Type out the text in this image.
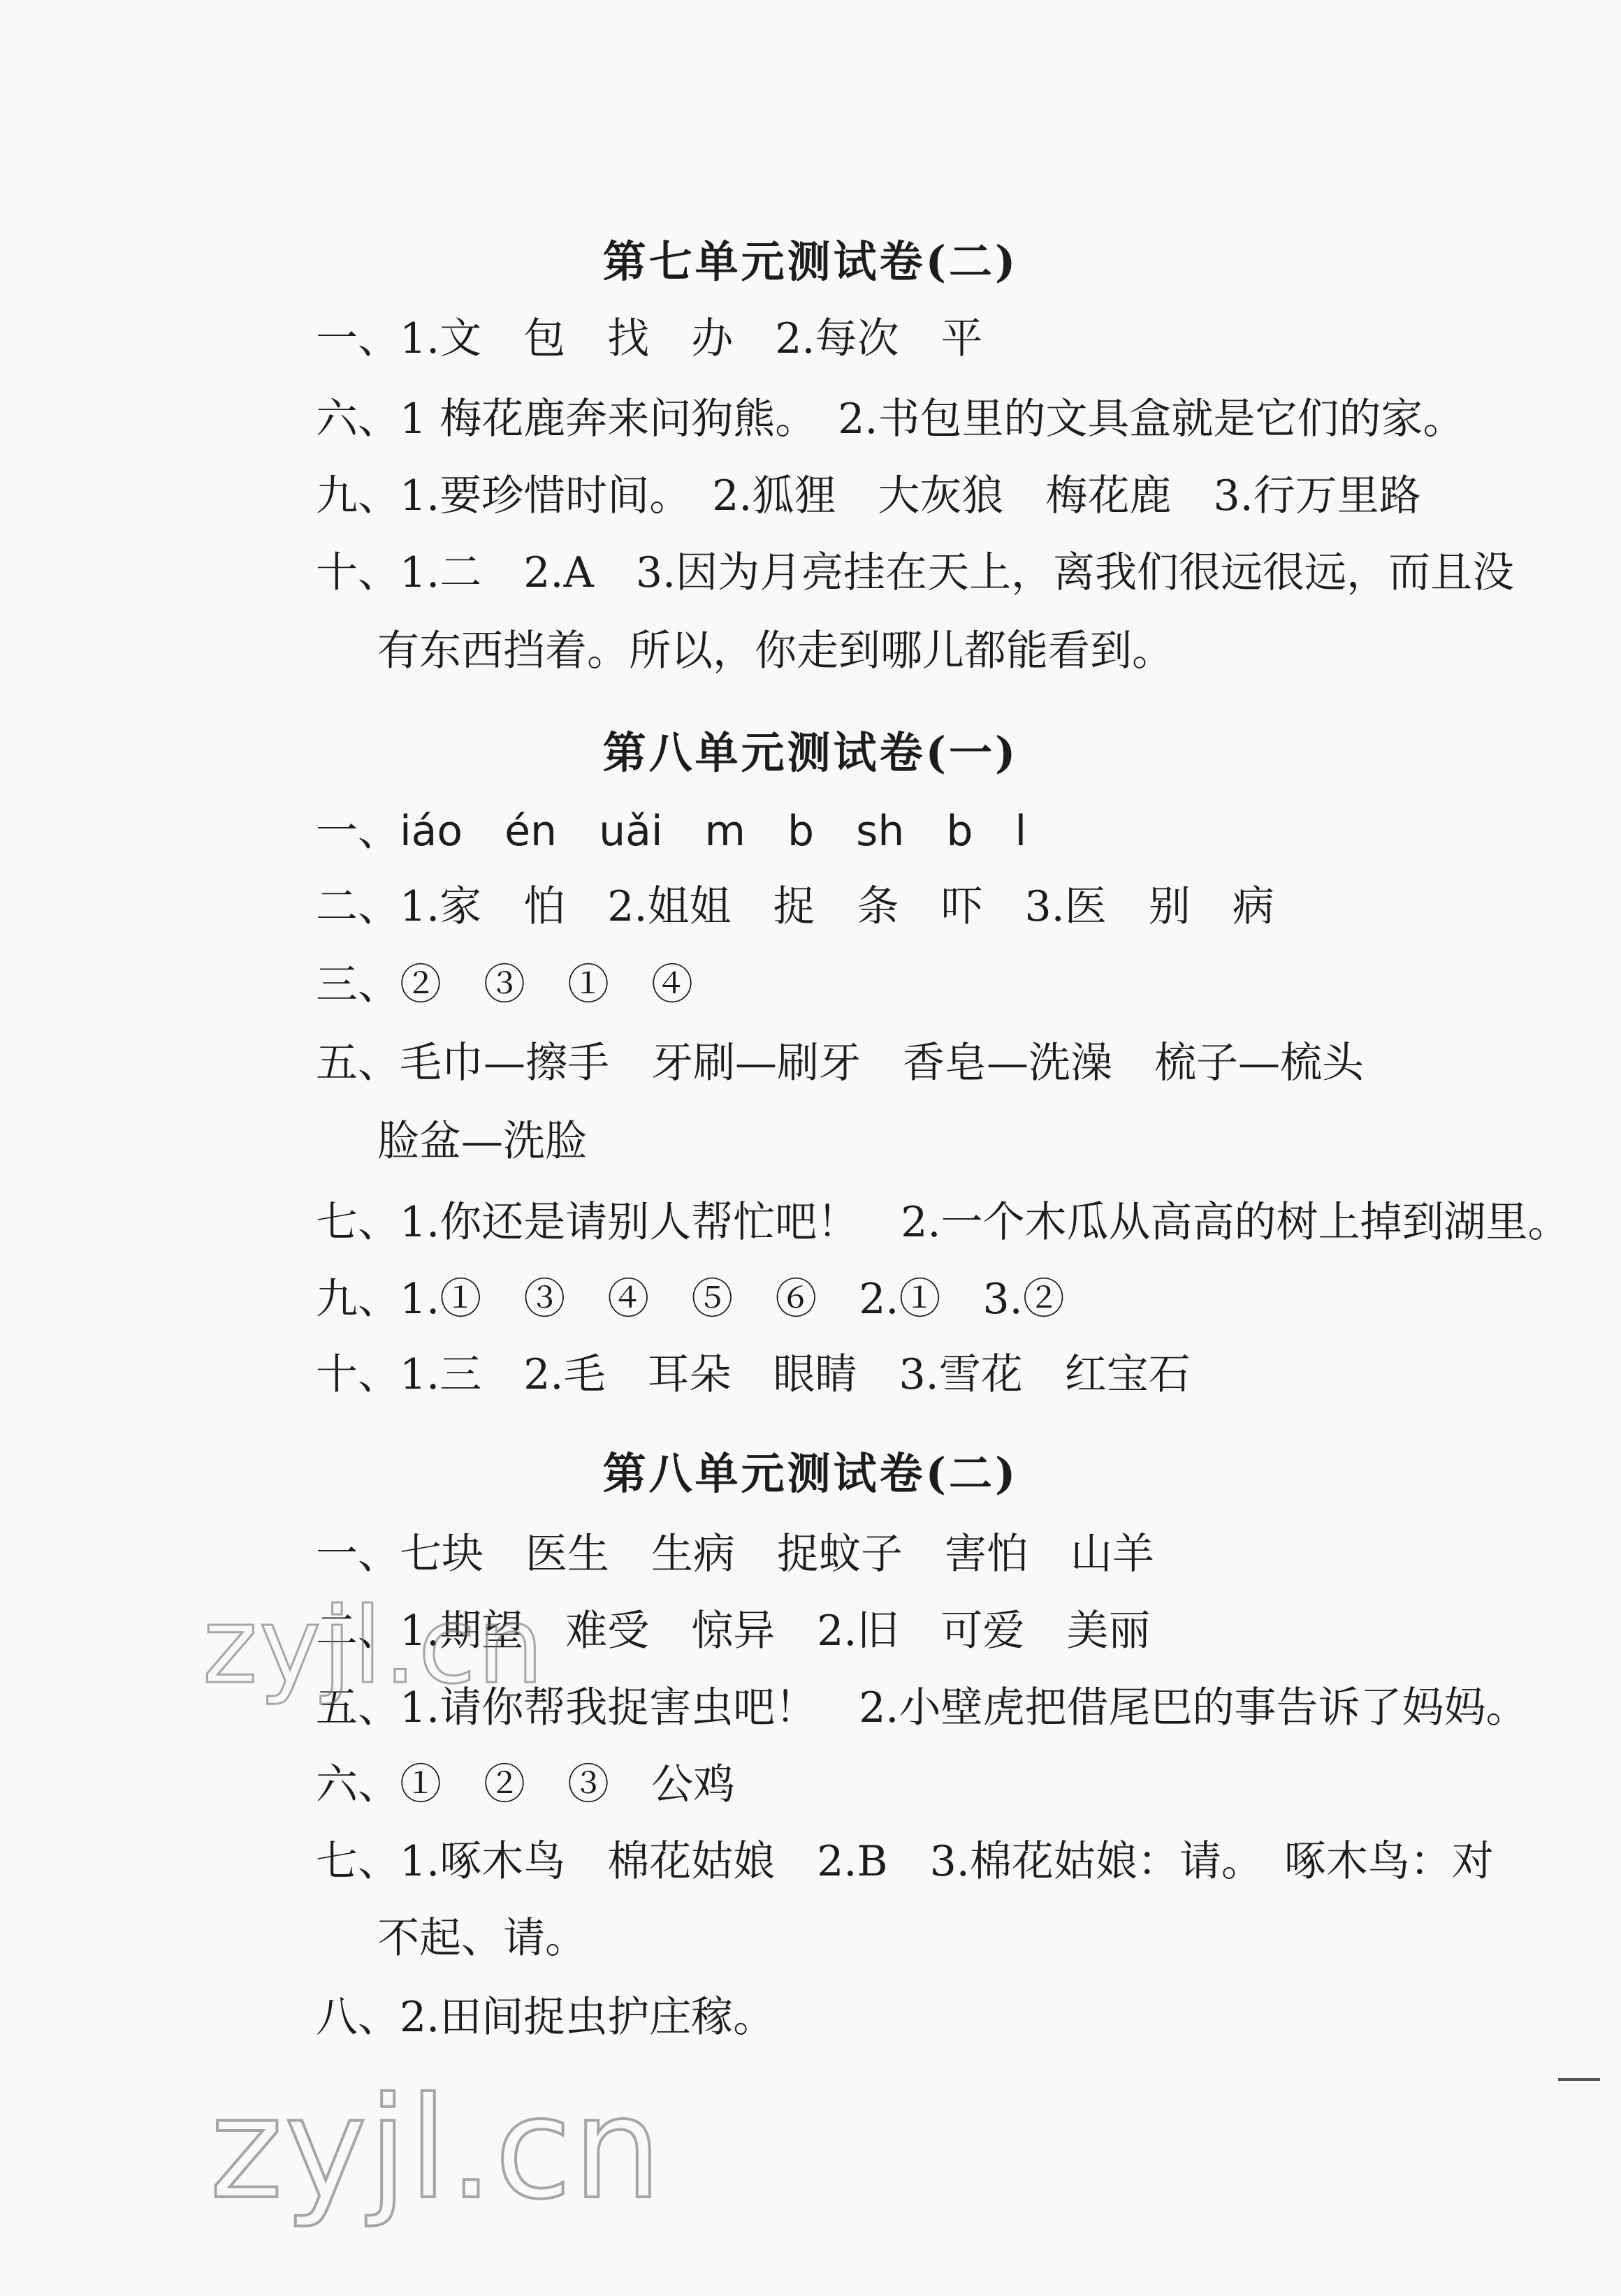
第七单元测试卷(二)
一、1.文　包　找　办　2.每次　平
六、1 梅花鹿奔来问狗熊。　2.书包里的文具盒就是它们的家。
九、1.要珍惜时间。　2.狐狸　大灰狼　梅花鹿　3.行万里路
十、1.二　2.A　3.因为月亮挂在天上，离我们很远很远，而且没
有东西挡着。所以，你走到哪儿都能看到。
第八单元测试卷(一)
一、iáo　én　uǎi　m　b　sh　b　l
二、1.家　怕　2.姐姐　捉　条　吓　3.医　别　病
三、②　③　①　④
五、毛巾—擦手　牙刷—刷牙　香皂—洗澡　梳子—梳头
脸盆—洗脸
七、1.你还是请别人帮忙吧！　2.一个木瓜从高高的树上掉到湖里。
九、1.①　③　④　⑤　⑥　2.①　3.②
十、1.三　2.毛　耳朵　眼睛　3.雪花　红宝石
第八单元测试卷(二)
一、七块　医生　生病　捉蚊子　害怕　山羊
二、1.期望　难受　惊异　2.旧　可爱　美丽
五、1.请你帮我捉害虫吧！　2.小壁虎把借尾巴的事告诉了妈妈。
六、①　②　③　公鸡
七、1.啄木鸟　棉花姑娘　2.B　3.棉花姑娘：请。　啄木鸟：对
不起、请。
八、2.田间捉虫护庄稼。
zyjl.cn
zyjl.cn
